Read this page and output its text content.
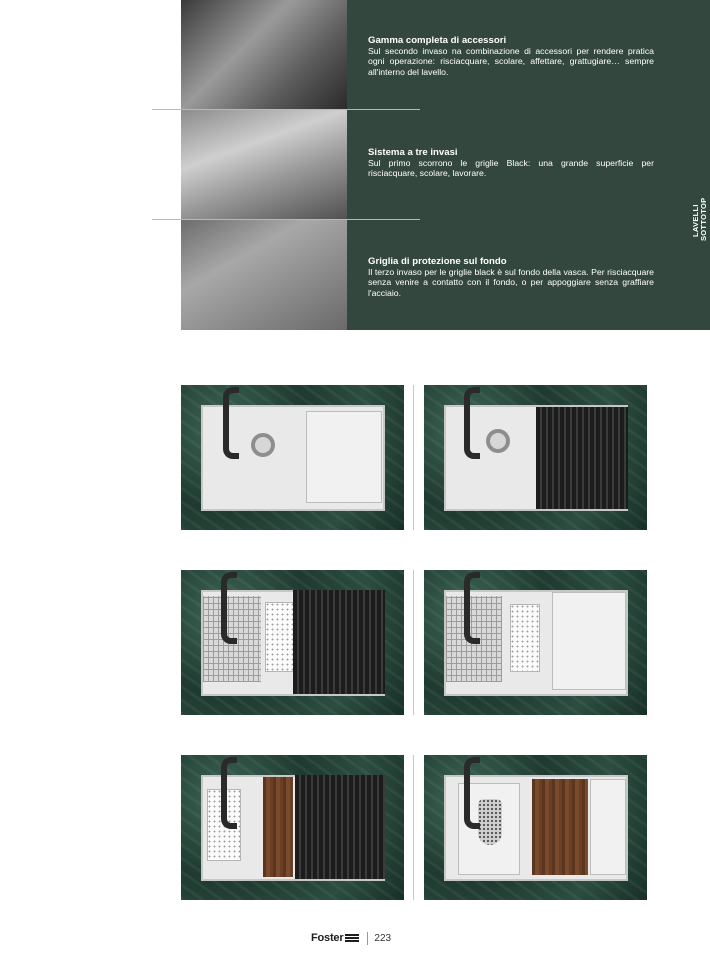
Gamma completa di accessori

Sul secondo invaso na combinazione di accessori per rendere pratica ogni operazione: risciacquare, scolare, affettare, grattugiare… sempre all'interno del lavello.

Sistema a tre invasi

Sul primo scorrono le griglie Black: una grande superficie per risciacquare, scolare, lavorare.

Griglia di protezione sul fondo

Il terzo invaso per le griglie black è sul fondo della vasca. Per risciacquare senza venire a contatto con il fondo, o per appoggiare senza graffiare l'acciaio.

LAVELLI SOTTOTOP
Foster	223
